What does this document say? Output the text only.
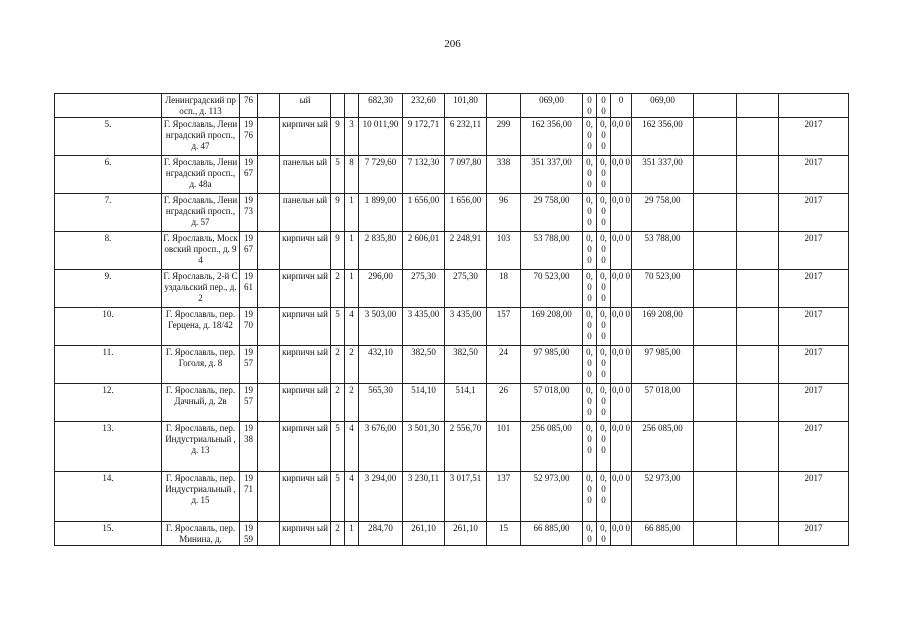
206
	Ленинградский просп., д. 113	76		ый			682,30	232,60	101,80		069,00	0 0	0 0	0	069,00			
5.	Г. Ярославль, Ленинградский просп., д. 47	19 76		кирпичн ый	9	3	10 011,90	9 172,71	6 232,11	299	162 356,00	0, 0 0	0, 0 0	0,0 0	162 356,00			2017
6.	Г. Ярославль, Ленинградский просп., д. 48а	19 67		панельн ый	5	8	7 729,60	7 132,30	7 097,80	338	351 337,00	0, 0 0	0, 0 0	0,0 0	351 337,00			2017
7.	Г. Ярославль, Ленинградский просп., д. 57	19 73		панельн ый	9	1	1 899,00	1 656,00	1 656,00	96	29 758,00	0, 0 0	0, 0 0	0,0 0	29 758,00			2017
8.	Г. Ярославль, Московский просп., д. 94	19 67		кирпичн ый	9	1	2 835,80	2 606,01	2 248,91	103	53 788,00	0, 0 0	0, 0 0	0,0 0	53 788,00			2017
9.	Г. Ярославль, 2-й Суздальский пер., д. 2	19 61		кирпичн ый	2	1	296,00	275,30	275,30	18	70 523,00	0, 0 0	0, 0 0	0,0 0	70 523,00			2017
10.	Г. Ярославль, пер. Герцена, д. 18/42	19 70		кирпичн ый	5	4	3 503,00	3 435,00	3 435,00	157	169 208,00	0, 0 0	0, 0 0	0,0 0	169 208,00			2017
11.	Г. Ярославль, пер. Гоголя, д. 8	19 57		кирпичн ый	2	2	432,10	382,50	382,50	24	97 985,00	0, 0 0	0, 0 0	0,0 0	97 985,00			2017
12.	Г. Ярославль, пер. Дачный, д. 2в	19 57		кирпичн ый	2	2	565,30	514,10	514,1	26	57 018,00	0, 0 0	0, 0 0	0,0 0	57 018,00			2017
13.	Г. Ярославль, пер. Индустриальный , д. 13	19 38		кирпичн ый	5	4	3 676,00	3 501,30	2 556,70	101	256 085,00	0, 0 0	0, 0 0	0,0 0	256 085,00			2017
14.	Г. Ярославль, пер. Индустриальный , д. 15	19 71		кирпичн ый	5	4	3 294,00	3 230,11	3 017,51	137	52 973,00	0, 0 0	0, 0 0	0,0 0	52 973,00			2017
15.	Г. Ярославль, пер. Минина, д.	19 59		кирпичн ый	2	1	284,70	261,10	261,10	15	66 885,00	0, 0	0, 0	0,0 0	66 885,00			2017
